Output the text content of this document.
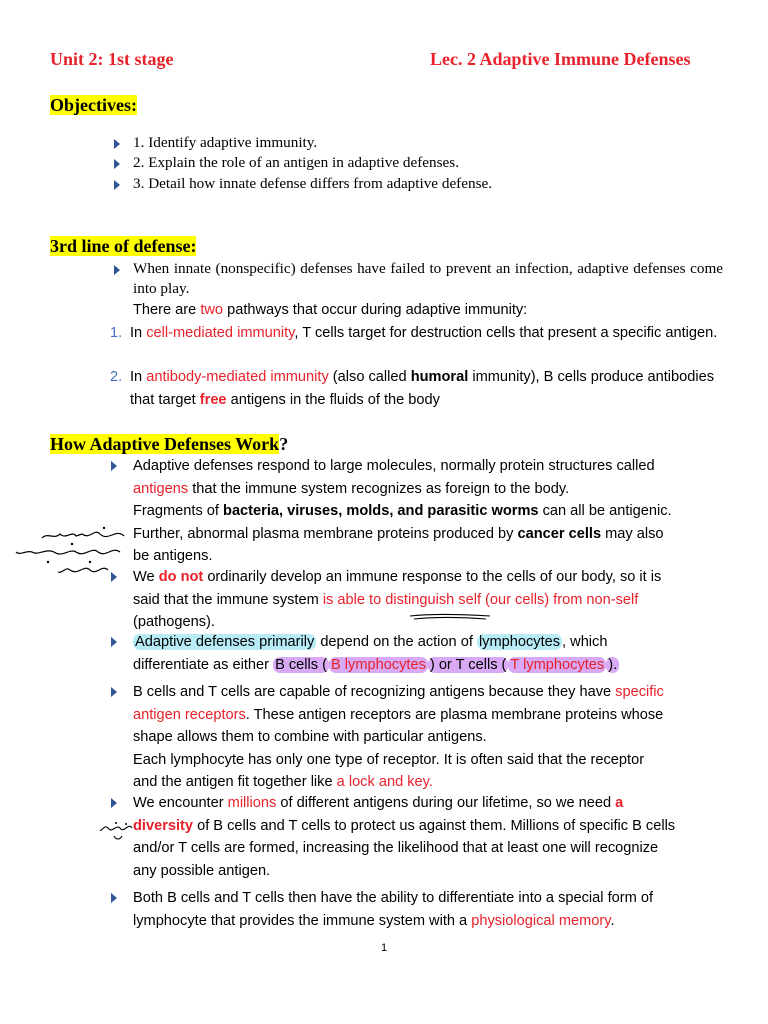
Unit 2: 1st stage	Lec. 2 Adaptive Immune Defenses
Objectives:
1. Identify adaptive immunity.
2. Explain the role of an antigen in adaptive defenses.
3. Detail how innate defense differs from adaptive defense.
3rd line of defense:
When innate (nonspecific) defenses have failed to prevent an infection, adaptive defenses come into play.
There are two pathways that occur during adaptive immunity:
1. In cell-mediated immunity, T cells target for destruction cells that present a specific antigen.
2. In antibody-mediated immunity (also called humoral immunity), B cells produce antibodies that target free antigens in the fluids of the body
How Adaptive Defenses Work?
Adaptive defenses respond to large molecules, normally protein structures called
antigens that the immune system recognizes as foreign to the body.
Fragments of bacteria, viruses, molds, and parasitic worms can all be antigenic.
Further, abnormal plasma membrane proteins produced by cancer cells may also
be antigens.
We do not ordinarily develop an immune response to the cells of our body, so it is
said that the immune system is able to distinguish self (our cells) from non-self
(pathogens).
Adaptive defenses primarily depend on the action of lymphocytes , which
differentiate as either B cells ( B lymphocytes ) or T cells ( T lymphocytes ).
B cells and T cells are capable of recognizing antigens because they have specific
antigen receptors. These antigen receptors are plasma membrane proteins whose
shape allows them to combine with particular antigens.
Each lymphocyte has only one type of receptor. It is often said that the receptor
and the antigen fit together like a lock and key.
We encounter millions of different antigens during our lifetime, so we need a
diversity of B cells and T cells to protect us against them. Millions of specific B cells
and/or T cells are formed, increasing the likelihood that at least one will recognize
any possible antigen.
Both B cells and T cells then have the ability to differentiate into a special form of
lymphocyte that provides the immune system with a physiological memory.
1
